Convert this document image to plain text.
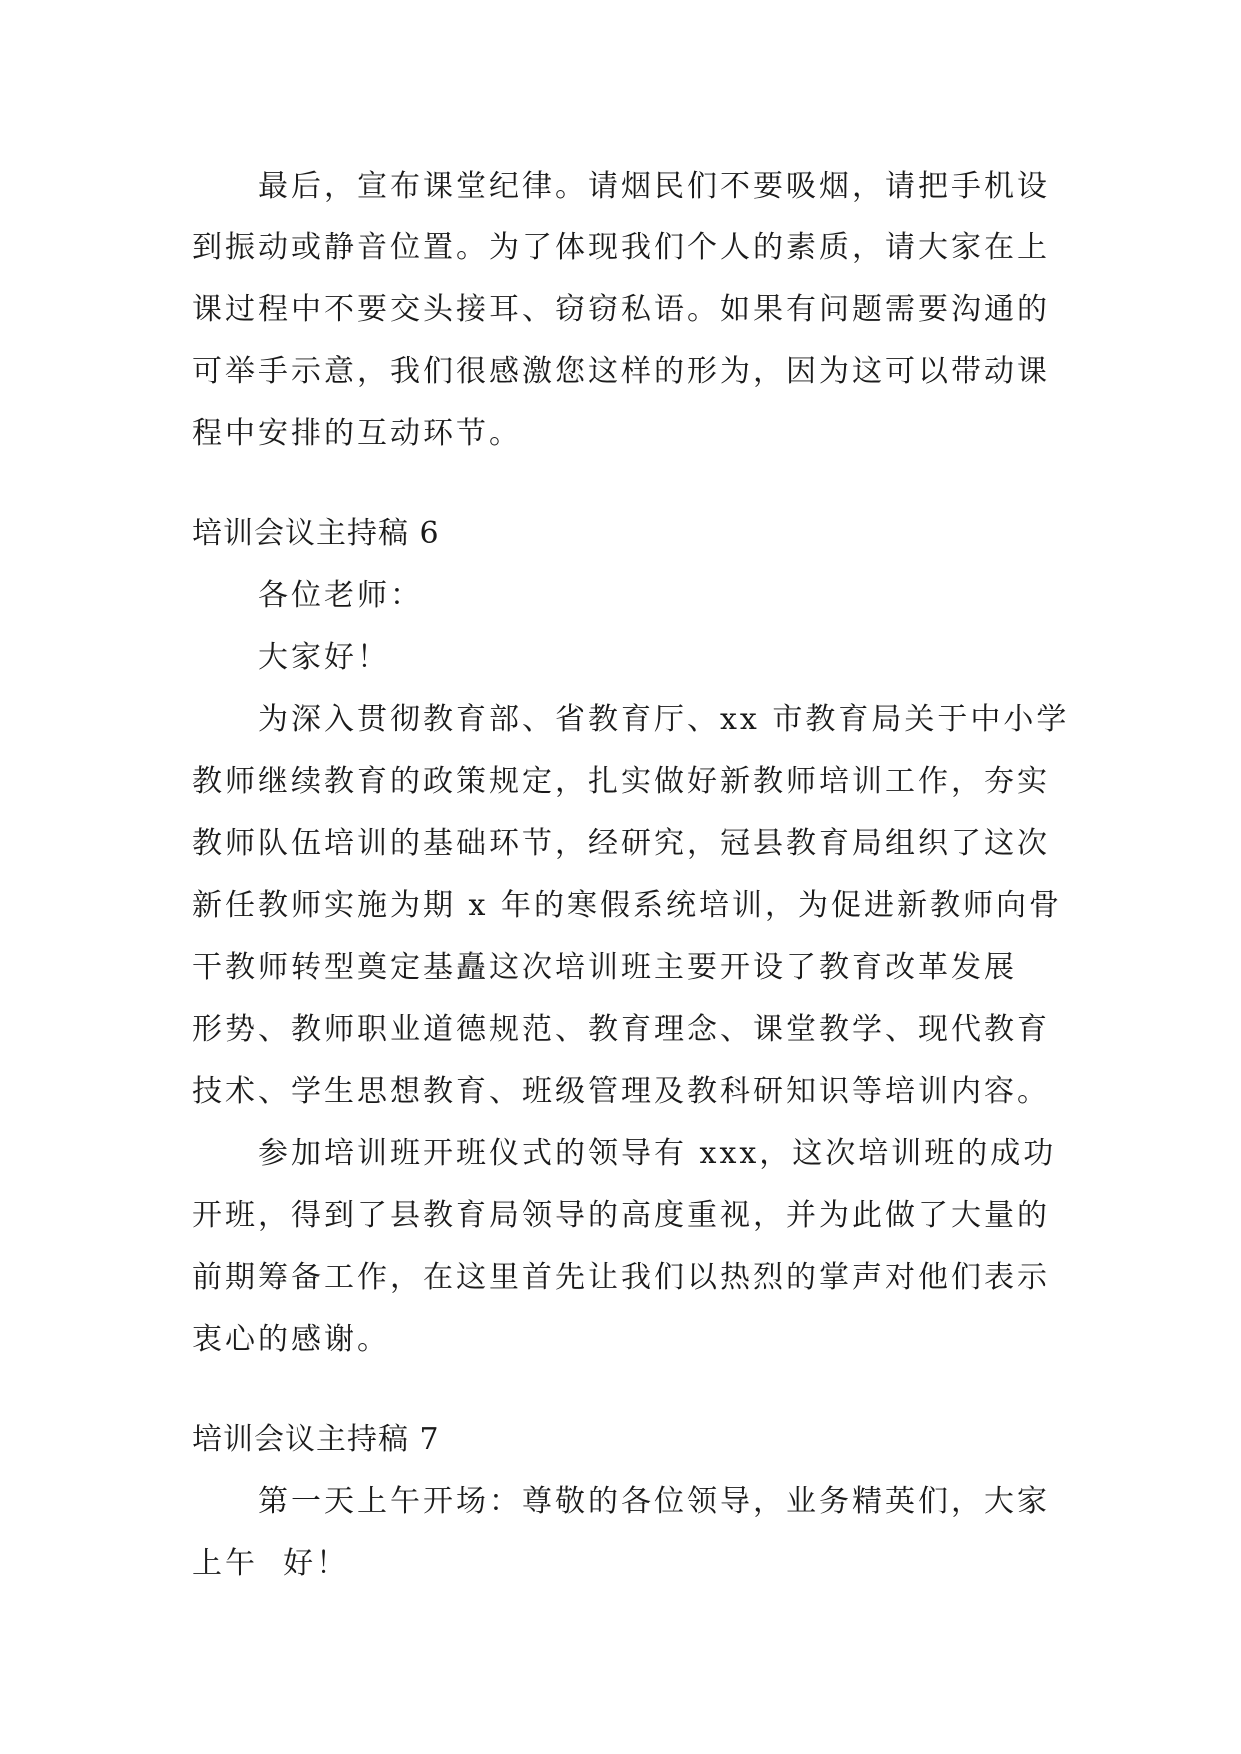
　　最后，宣布课堂纪律。请烟民们不要吸烟，请把手机设
到振动或静音位置。为了体现我们个人的素质，请大家在上
课过程中不要交头接耳、窃窃私语。如果有问题需要沟通的
可举手示意，我们很感激您这样的形为，因为这可以带动课
程中安排的互动环节。
培训会议主持稿 6
　　各位老师：
　　大家好！
　　为深入贯彻教育部、省教育厅、xx 市教育局关于中小学
教师继续教育的政策规定，扎实做好新教师培训工作，夯实
教师队伍培训的基础环节，经研究，冠县教育局组织了这次
新任教师实施为期 x 年的寒假系统培训，为促进新教师向骨
干教师转型奠定基矗这次培训班主要开设了教育改革发展
形势、教师职业道德规范、教育理念、课堂教学、现代教育
技术、学生思想教育、班级管理及教科研知识等培训内容。
　　参加培训班开班仪式的领导有 xxx，这次培训班的成功
开班，得到了县教育局领导的高度重视，并为此做了大量的
前期筹备工作，在这里首先让我们以热烈的掌声对他们表示
衷心的感谢。
培训会议主持稿 7
　　第一天上午开场：尊敬的各位领导，业务精英们，大家
上午  好！
